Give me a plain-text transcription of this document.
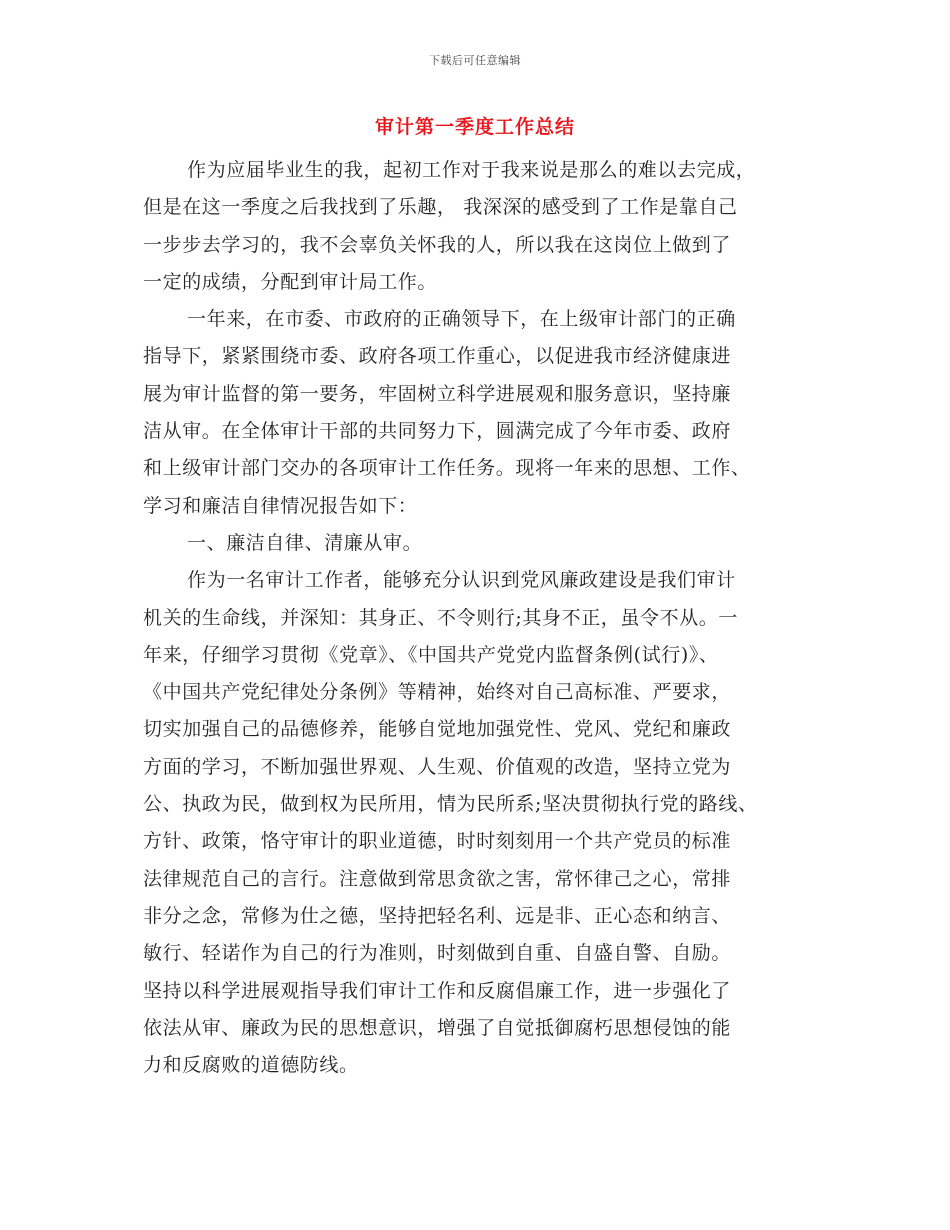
下载后可任意编辑
审计第一季度工作总结
作为应届毕业生的我，起初工作对于我来说是那么的难以去完成，
但是在这一季度之后我找到了乐趣， 我深深的感受到了工作是靠自己
一步步去学习的，我不会辜负关怀我的人，所以我在这岗位上做到了
一定的成绩，分配到审计局工作。
一年来，在市委、市政府的正确领导下，在上级审计部门的正确
指导下，紧紧围绕市委、政府各项工作重心，以促进我市经济健康进
展为审计监督的第一要务，牢固树立科学进展观和服务意识，坚持廉
洁从审。在全体审计干部的共同努力下，圆满完成了今年市委、政府
和上级审计部门交办的各项审计工作任务。现将一年来的思想、工作、
学习和廉洁自律情况报告如下：
一、廉洁自律、清廉从审。
作为一名审计工作者，能够充分认识到党风廉政建设是我们审计
机关的生命线，并深知：其身正、不令则行;其身不正，虽令不从。一
年来，仔细学习贯彻《党章》、《中国共产党党内监督条例(试行)》、
《中国共产党纪律处分条例》等精神，始终对自己高标准、严要求，
切实加强自己的品德修养，能够自觉地加强党性、党风、党纪和廉政
方面的学习，不断加强世界观、人生观、价值观的改造，坚持立党为
公、执政为民，做到权为民所用，情为民所系;坚决贯彻执行党的路线、
方针、政策，恪守审计的职业道德，时时刻刻用一个共产党员的标准
法律规范自己的言行。注意做到常思贪欲之害，常怀律己之心，常排
非分之念，常修为仕之德，坚持把轻名利、远是非、正心态和纳言、
敏行、轻诺作为自己的行为准则，时刻做到自重、自盛自警、自励。
坚持以科学进展观指导我们审计工作和反腐倡廉工作，进一步强化了
依法从审、廉政为民的思想意识，增强了自觉抵御腐朽思想侵蚀的能
力和反腐败的道德防线。
